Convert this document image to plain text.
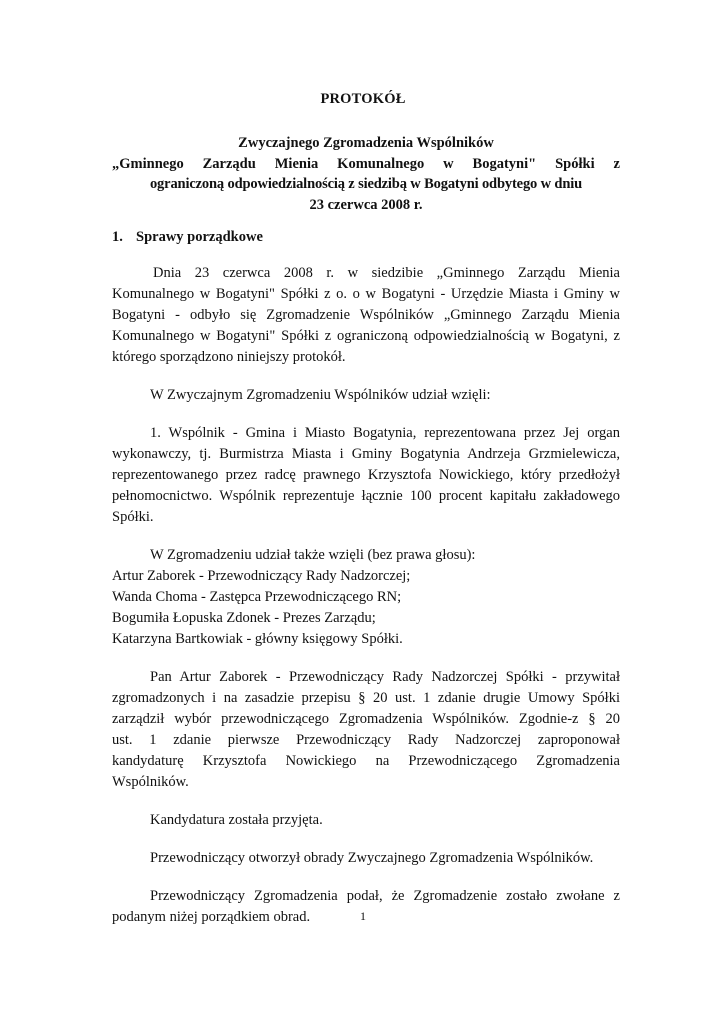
PROTOKÓŁ
Zwyczajnego Zgromadzenia Wspólników
„Gminnego Zarządu Mienia Komunalnego w Bogatyni" Spółki z
ograniczoną odpowiedzialnością z siedzibą w Bogatyni odbytego w dniu
23 czerwca 2008 r.
1. Sprawy porządkowe
Dnia 23 czerwca 2008 r. w siedzibie „Gminnego Zarządu Mienia
Komunalnego w Bogatyni" Spółki z o. o w Bogatyni - Urzędzie Miasta i Gminy w
Bogatyni - odbyło się Zgromadzenie Wspólników „Gminnego Zarządu Mienia
Komunalnego w Bogatyni" Spółki z ograniczoną odpowiedzialnością w Bogatyni, z
którego sporządzono niniejszy protokół.
W Zwyczajnym Zgromadzeniu Wspólników udział wzięli:
1. Wspólnik - Gmina i Miasto Bogatynia, reprezentowana przez Jej organ
wykonawczy, tj. Burmistrza Miasta i Gminy Bogatynia Andrzeja Grzmielewicza,
reprezentowanego przez radcę prawnego Krzysztofa Nowickiego, który przedłożył
pełnomocnictwo. Wspólnik reprezentuje łącznie 100 procent kapitału zakładowego
Spółki.
W Zgromadzeniu udział także wzięli (bez prawa głosu):
Artur Zaborek - Przewodniczący Rady Nadzorczej;
Wanda Choma - Zastępca Przewodniczącego RN;
Bogumiła Łopuska Zdonek - Prezes Zarządu;
Katarzyna Bartkowiak - główny księgowy Spółki.
Pan Artur Zaborek - Przewodniczący Rady Nadzorczej Spółki - przywitał
zgromadzonych i na zasadzie przepisu § 20 ust. 1 zdanie drugie Umowy Spółki
zarządził wybór przewodniczącego Zgromadzenia Wspólników. Zgodnie-z § 20
ust. 1 zdanie pierwsze Przewodniczący Rady Nadzorczej zaproponował
kandydaturę Krzysztofa Nowickiego na Przewodniczącego Zgromadzenia
Wspólników.
Kandydatura została przyjęta.
Przewodniczący otworzył obrady Zwyczajnego Zgromadzenia Wspólników.
Przewodniczący Zgromadzenia podał, że Zgromadzenie zostało zwołane z
podanym niżej porządkiem obrad.	1
